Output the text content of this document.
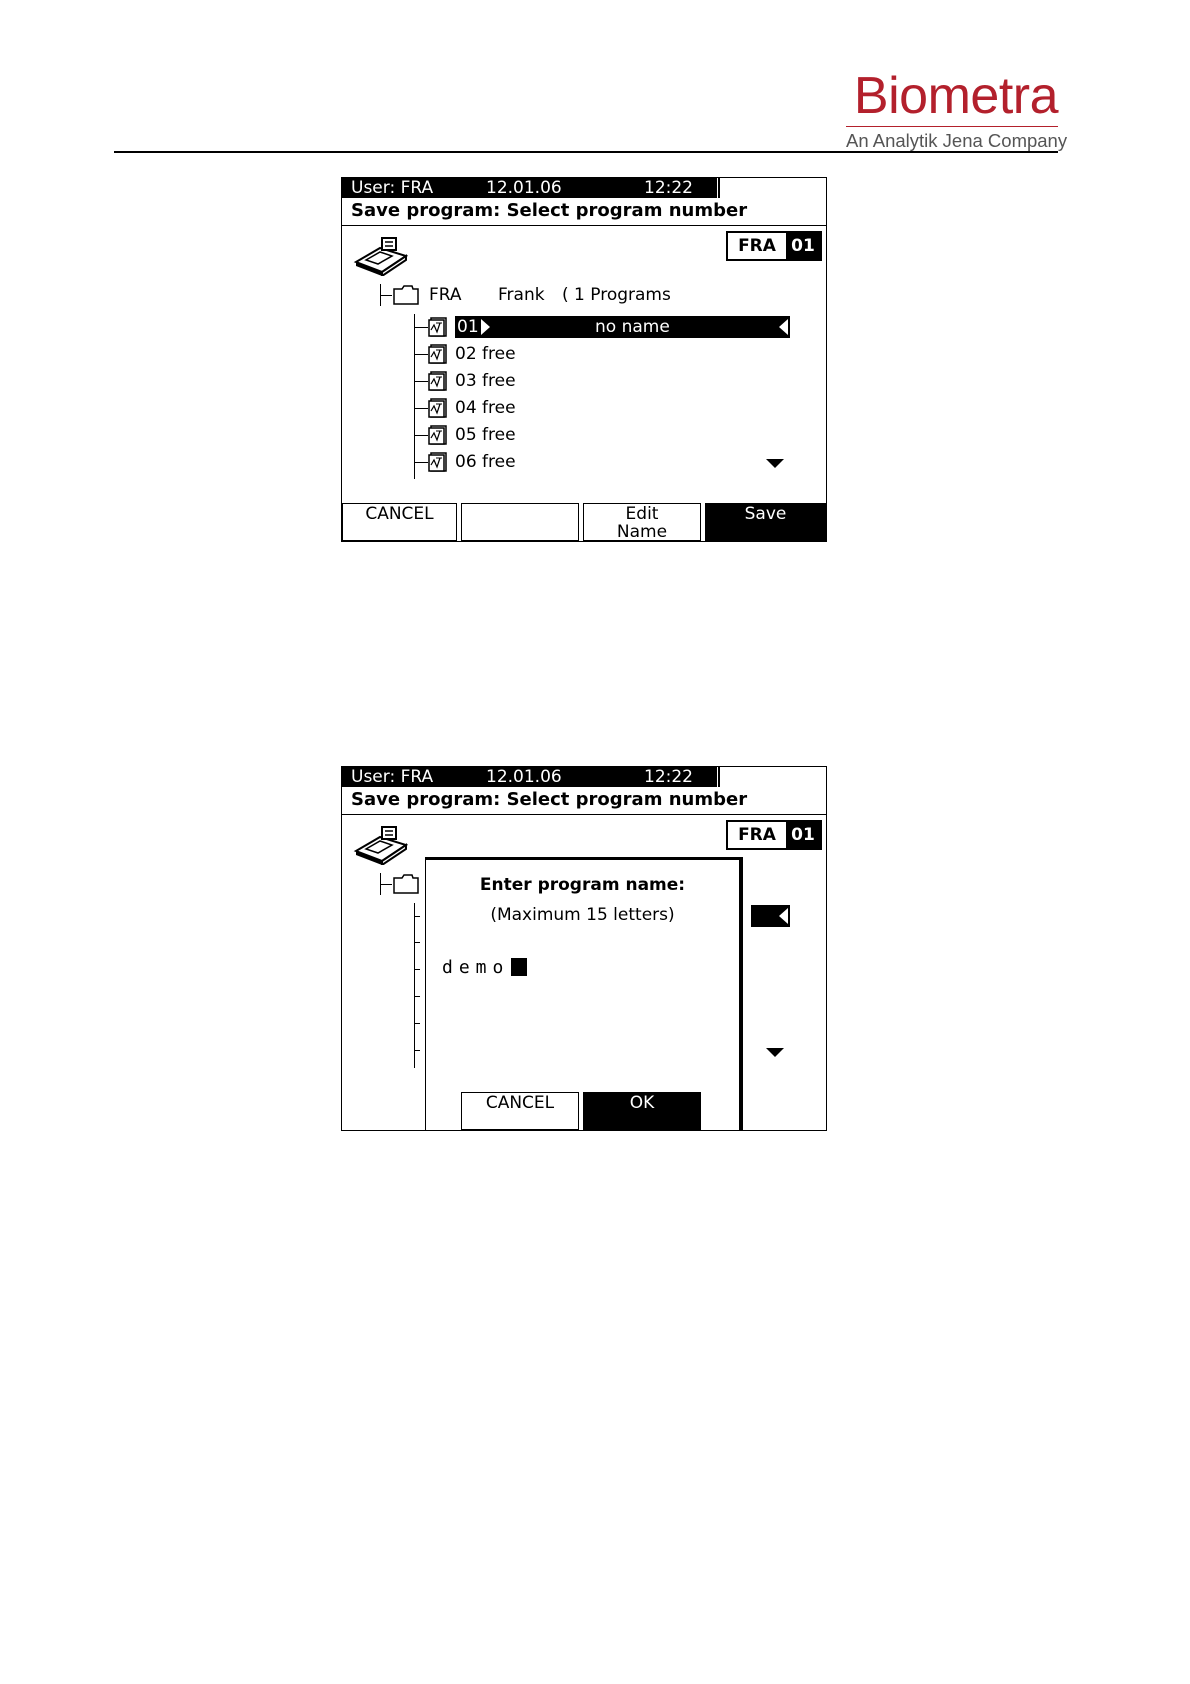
Biometra
An Analytik Jena Company
User: FRA	12.01.06	12:22
Save program: Select program number
FRA 01
FRA Frank ( 1 Programs
01	no name
02 free
03 free
04 free
05 free
06 free
CANCEL	Edit
Name
Save
User: FRA	12.01.06	12:22
Save program: Select program number
FRA 01
Enter program name:
(Maximum 15 letters)
demo
CANCEL	OK
